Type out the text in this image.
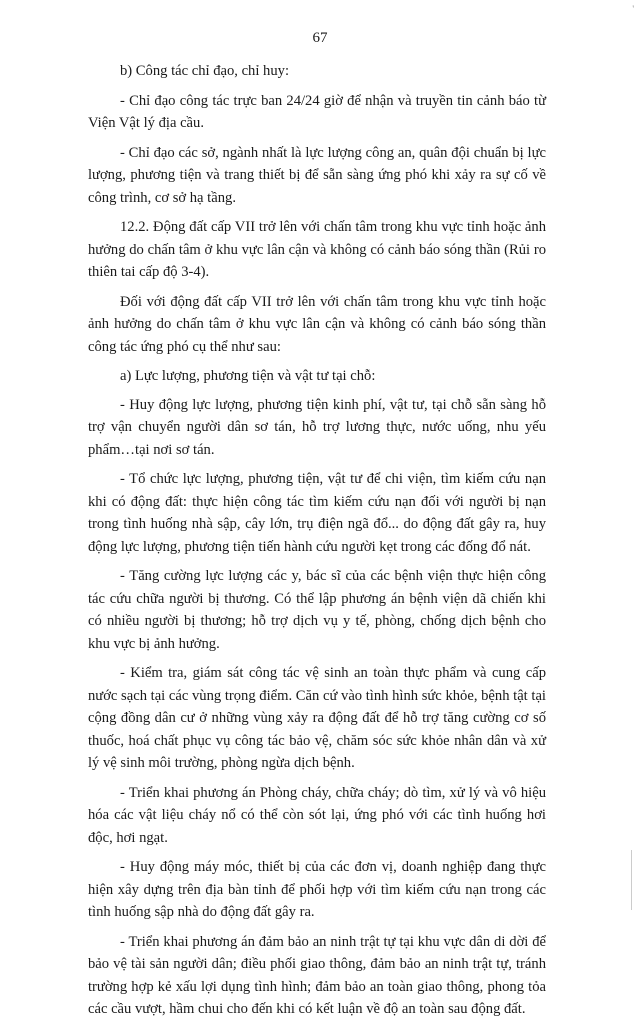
'
67

b) Công tác chỉ đạo, chỉ huy:

- Chỉ đạo công tác trực ban 24/24 giờ để nhận và truyền tin cảnh báo từ Viện Vật lý địa cầu.

- Chỉ đạo các sở, ngành nhất là lực lượng công an, quân đội chuẩn bị lực lượng, phương tiện và trang thiết bị để sẵn sàng ứng phó khi xảy ra sự cố về công trình, cơ sở hạ tầng.

12.2. Động đất cấp VII trở lên với chấn tâm trong khu vực tỉnh hoặc ảnh hưởng do chấn tâm ở khu vực lân cận và không có cảnh báo sóng thần (Rủi ro thiên tai cấp độ 3-4).

Đối với động đất cấp VII trở lên với chấn tâm trong khu vực tỉnh hoặc ảnh hưởng do chấn tâm ở khu vực lân cận và không có cảnh báo sóng thần công tác ứng phó cụ thể như sau:

a) Lực lượng, phương tiện và vật tư tại chỗ:

- Huy động lực lượng, phương tiện kinh phí, vật tư, tại chỗ sẵn sàng hỗ trợ vận chuyển người dân sơ tán, hỗ trợ lương thực, nước uống, nhu yếu phẩm…tại nơi sơ tán.

- Tổ chức lực lượng, phương tiện, vật tư để chi viện, tìm kiếm cứu nạn khi có động đất: thực hiện công tác tìm kiếm cứu nạn đối với người bị nạn trong tình huống nhà sập, cây lớn, trụ điện ngã đổ... do động đất gây ra, huy động lực lượng, phương tiện tiến hành cứu người kẹt trong các đống đổ nát.

- Tăng cường lực lượng các y, bác sĩ của các bệnh viện thực hiện công tác cứu chữa người bị thương. Có thể lập phương án bệnh viện dã chiến khi có nhiều người bị thương; hỗ trợ dịch vụ y tế, phòng, chống dịch bệnh cho khu vực bị ảnh hưởng.

- Kiểm tra, giám sát công tác vệ sinh an toàn thực phẩm và cung cấp nước sạch tại các vùng trọng điểm. Căn cứ vào tình hình sức khỏe, bệnh tật tại cộng đồng dân cư ở những vùng xảy ra động đất để hỗ trợ tăng cường cơ số thuốc, hoá chất phục vụ công tác bảo vệ, chăm sóc sức khỏe nhân dân và xử lý vệ sinh môi trường, phòng ngừa dịch bệnh.

- Triển khai phương án Phòng cháy, chữa cháy; dò tìm, xử lý và vô hiệu hóa các vật liệu cháy nổ có thể còn sót lại, ứng phó với các tình huống hơi độc, hơi ngạt.

- Huy động máy móc, thiết bị của các đơn vị, doanh nghiệp đang thực hiện xây dựng trên địa bàn tỉnh để phối hợp với tìm kiếm cứu nạn trong các tình huống sập nhà do động đất gây ra.

- Triển khai phương án đảm bảo an ninh trật tự tại khu vực dân di dời để bảo vệ tài sản người dân; điều phối giao thông, đảm bảo an ninh trật tự, tránh trường hợp kẻ xấu lợi dụng tình hình; đảm bảo an toàn giao thông, phong tỏa các cầu vượt, hầm chui cho đến khi có kết luận về độ an toàn sau động đất.
